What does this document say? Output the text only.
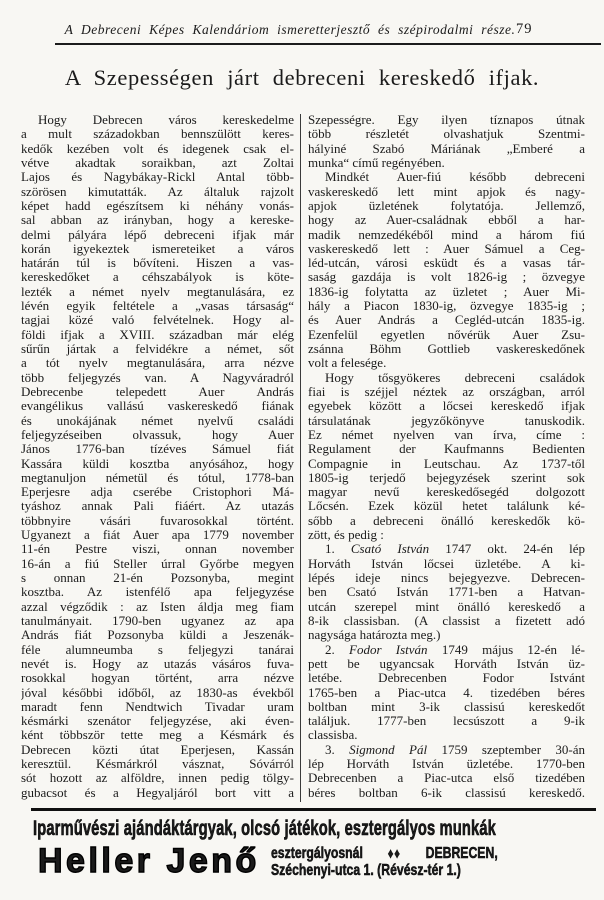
A Debreceni Képes Kalendáriom ismeretterjesztő és szépirodalmi része. 79
A Szepességen járt debreceni kereskedő ifjak.
Hogy Debrecen város kereskedelme
a mult századokban bennszülött keres-
kedők kezében volt és idegenek csak el-
vétve akadtak soraikban, azt Zoltai
Lajos és Nagybákay-Rickl Antal több-
szörösen kimutatták. Az általuk rajzolt
képet hadd egészítsem ki néhány vonás-
sal abban az irányban, hogy a kereske-
delmi pályára lépő debreceni ifjak már
korán igyekeztek ismereteiket a város
határán túl is bővíteni. Hiszen a vas-
kereskedőket a céhszabályok is köte-
lezték a német nyelv megtanulására, ez
lévén egyik feltétele a „vasas társaság“
tagjai közé való felvételnek. Hogy al-
földi ifjak a XVIII. században már elég
sűrűn jártak a felvidékre a német, sőt
a tót nyelv megtanulására, arra nézve
több feljegyzés van. A Nagyváradról
Debrecenbe telepedett Auer András
evangélikus vallású vaskereskedő fiának
és unokájának német nyelvű családi
feljegyzéseiben olvassuk, hogy Auer
János 1776-ban tízéves Sámuel fiát
Kassára küldi kosztba anyósához, hogy
megtanuljon németül és tótul, 1778-ban
Eperjesre adja cserébe Cristophori Má-
tyáshoz annak Pali fiáért. Az utazás
többnyire vásári fuvarosokkal történt.
Ugyanezt a fiát Auer apa 1779 november
11-én Pestre viszi, onnan november
16-án a fiú Steller úrral Győrbe megyen
s onnan 21-én Pozsonyba, megint
kosztba. Az istenfélő apa feljegyzése
azzal végződik : az Isten áldja meg fiam
tanulmányait. 1790-ben ugyanez az apa
András fiát Pozsonyba küldi a Jeszenák-
féle alumneumba s feljegyzi tanárai
nevét is. Hogy az utazás vásáros fuva-
rosokkal hogyan történt, arra nézve
jóval későbbi időből, az 1830-as évekből
maradt fenn Nendtwich Tivadar uram
késmárki szenátor feljegyzése, aki éven-
ként többször tette meg a Késmárk és
Debrecen közti útat Eperjesen, Kassán
keresztül. Késmárkról vásznat, Sóvárról
sót hozott az alföldre, innen pedig tölgy-
gubacsot és a Hegyaljáról bort vitt a
Szepességre. Egy ilyen tíznapos útnak
több részletét olvashatjuk Szentmi-
hályiné Szabó Máriának „Emberé a
munka“ című regényében.
Mindkét Auer-fiú később debreceni
vaskereskedő lett mint apjok és nagy-
apjok üzletének folytatója. Jellemző,
hogy az Auer-családnak ebből a har-
madik nemzedékéből mind a három fiú
vaskereskedő lett : Auer Sámuel a Ceg-
léd-utcán, városi esküdt és a vasas tár-
saság gazdája is volt 1826-ig ; özvegye
1836-ig folytatta az üzletet ; Auer Mi-
hály a Piacon 1830-ig, özvegye 1835-ig ;
és Auer András a Cegléd-utcán 1835-ig.
Ezenfelül egyetlen nővérük Auer Zsu-
zsánna Böhm Gottlieb vaskereskedőnek
volt a felesége.
Hogy tősgyökeres debreceni családok
fiai is széjjel néztek az országban, arról
egyebek között a lőcsei kereskedő ifjak
társulatának jegyzőkönyve tanuskodik.
Ez német nyelven van írva, címe :
Regulament der Kaufmanns Bedienten
Compagnie in Leutschau. Az 1737-től
1805-ig terjedő bejegyzések szerint sok
magyar nevű kereskedősegéd dolgozott
Lőcsén. Ezek közül hetet találunk ké-
sőbb a debreceni önálló kereskedők kö-
zött, és pedig :
1. Csató István 1747 okt. 24-én lép
Horváth István lőcsei üzletébe. A ki-
lépés ideje nincs bejegyezve. Debrecen-
ben Csató István 1771-ben a Hatvan-
utcán szerepel mint önálló kereskedő a
8-ik classisban. (A classist a fizetett adó
nagysága határozta meg.)
2. Fodor István 1749 május 12-én lé-
pett be ugyancsak Horváth István üz-
letébe. Debrecenben Fodor Istvánt
1765-ben a Piac-utca 4. tizedében béres
boltban mint 3-ik classisú kereskedőt
találjuk. 1777-ben lecsúszott a 9-ik
classisba.
3. Sigmond Pál 1759 szeptember 30-án
lép Horváth István üzletébe. 1770-ben
Debrecenben a Piac-utca első tizedében
béres boltban 6-ik classisú kereskedő.
Iparművészi ajándáktárgyak, olcsó játékok, esztergályos munkák
Heller Jenő esztergályosnál ♦♦ DEBRECEN,
Széchenyi-utca 1. (Révész-tér 1.)
